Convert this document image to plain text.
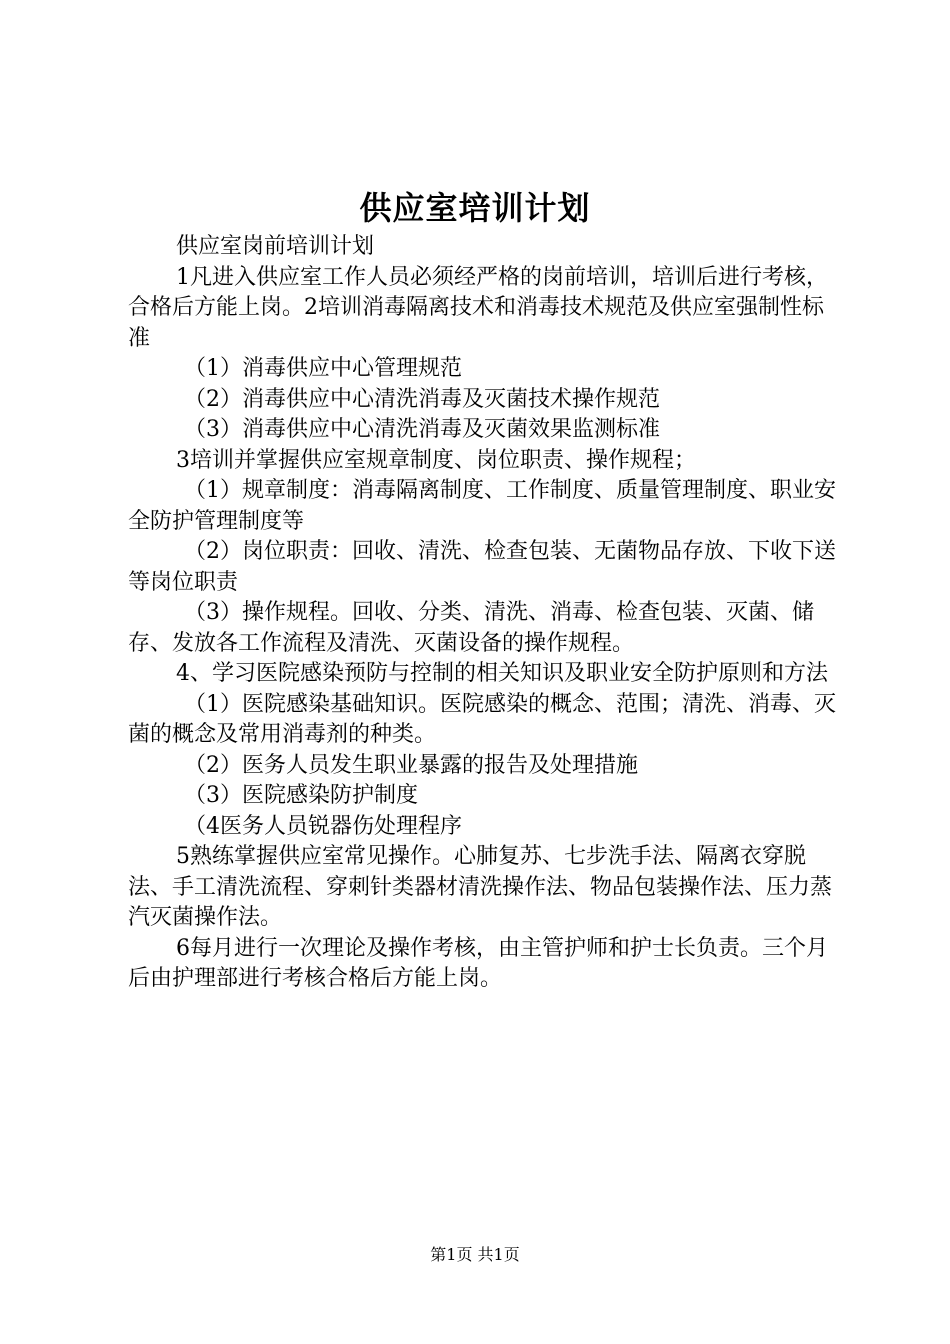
供应室培训计划

供应室岗前培训计划

1凡进入供应室工作人员必须经严格的岗前培训，培训后进行考核，合格后方能上岗。2培训消毒隔离技术和消毒技术规范及供应室强制性标准

（1）消毒供应中心管理规范

（2）消毒供应中心清洗消毒及灭菌技术操作规范

（3）消毒供应中心清洗消毒及灭菌效果监测标准

3培训并掌握供应室规章制度、岗位职责、操作规程；

（1）规章制度：消毒隔离制度、工作制度、质量管理制度、职业安全防护管理制度等

（2）岗位职责：回收、清洗、检查包装、无菌物品存放、下收下送等岗位职责

（3）操作规程。回收、分类、清洗、消毒、检查包装、灭菌、储存、发放各工作流程及清洗、灭菌设备的操作规程。

4、学习医院感染预防与控制的相关知识及职业安全防护原则和方法

（1）医院感染基础知识。医院感染的概念、范围；清洗、消毒、灭菌的概念及常用消毒剂的种类。

（2）医务人员发生职业暴露的报告及处理措施

（3）医院感染防护制度

（4医务人员锐器伤处理程序

5熟练掌握供应室常见操作。心肺复苏、七步洗手法、隔离衣穿脱法、手工清洗流程、穿刺针类器材清洗操作法、物品包装操作法、压力蒸汽灭菌操作法。

6每月进行一次理论及操作考核，由主管护师和护士长负责。三个月后由护理部进行考核合格后方能上岗。

第1页 共1页
